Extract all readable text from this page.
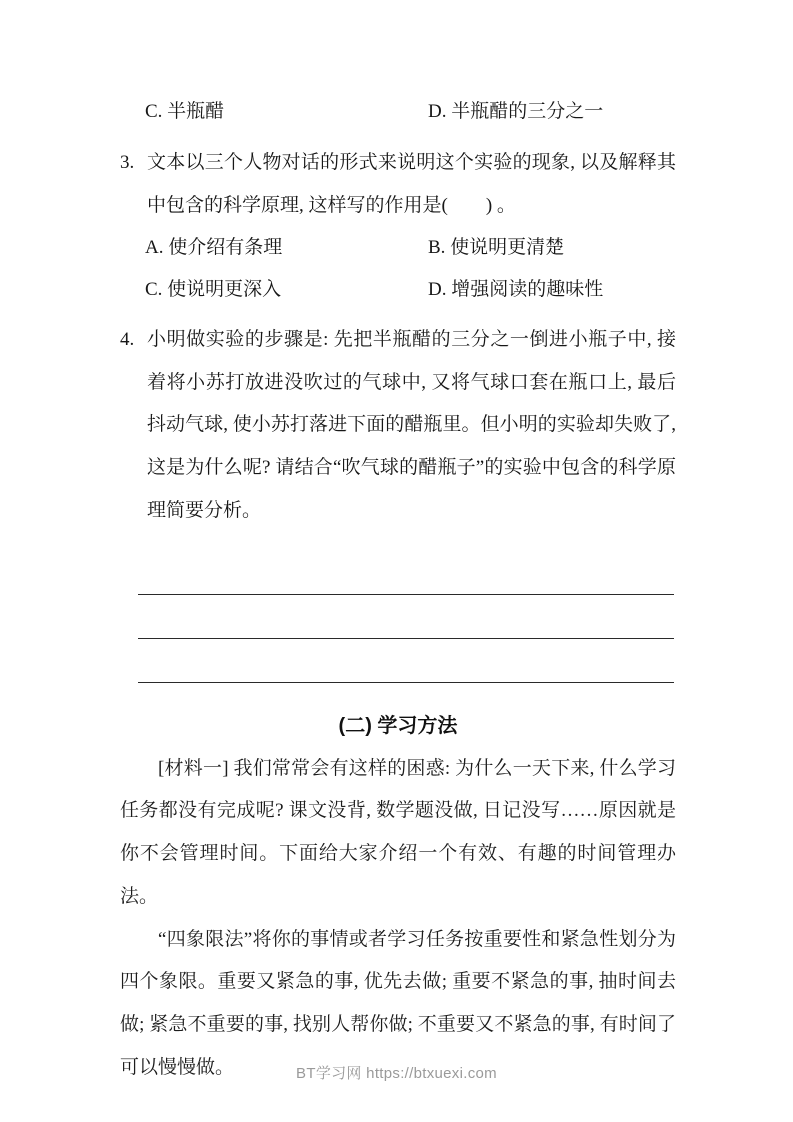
C. 半瓶醋	D. 半瓶醋的三分之一
3. 文本以三个人物对话的形式来说明这个实验的现象, 以及解释其中包含的科学原理, 这样写的作用是(　　) 。
A. 使介绍有条理	B. 使说明更清楚
C. 使说明更深入	D. 增强阅读的趣味性
4. 小明做实验的步骤是: 先把半瓶醋的三分之一倒进小瓶子中, 接着将小苏打放进没吹过的气球中, 又将气球口套在瓶口上, 最后抖动气球, 使小苏打落进下面的醋瓶里。但小明的实验却失败了, 这是为什么呢? 请结合“吹气球的醋瓶子”的实验中包含的科学原理简要分析。
(二) 学习方法

[材料一] 我们常常会有这样的困惑: 为什么一天下来, 什么学习任务都没有完成呢? 课文没背, 数学题没做, 日记没写……原因就是你不会管理时间。下面给大家介绍一个有效、有趣的时间管理办法。

“四象限法”将你的事情或者学习任务按重要性和紧急性划分为四个象限。重要又紧急的事, 优先去做; 重要不紧急的事, 抽时间去做; 紧急不重要的事, 找别人帮你做; 不重要又不紧急的事, 有时间了可以慢慢做。	BT学习网 https://btxuexi.com
